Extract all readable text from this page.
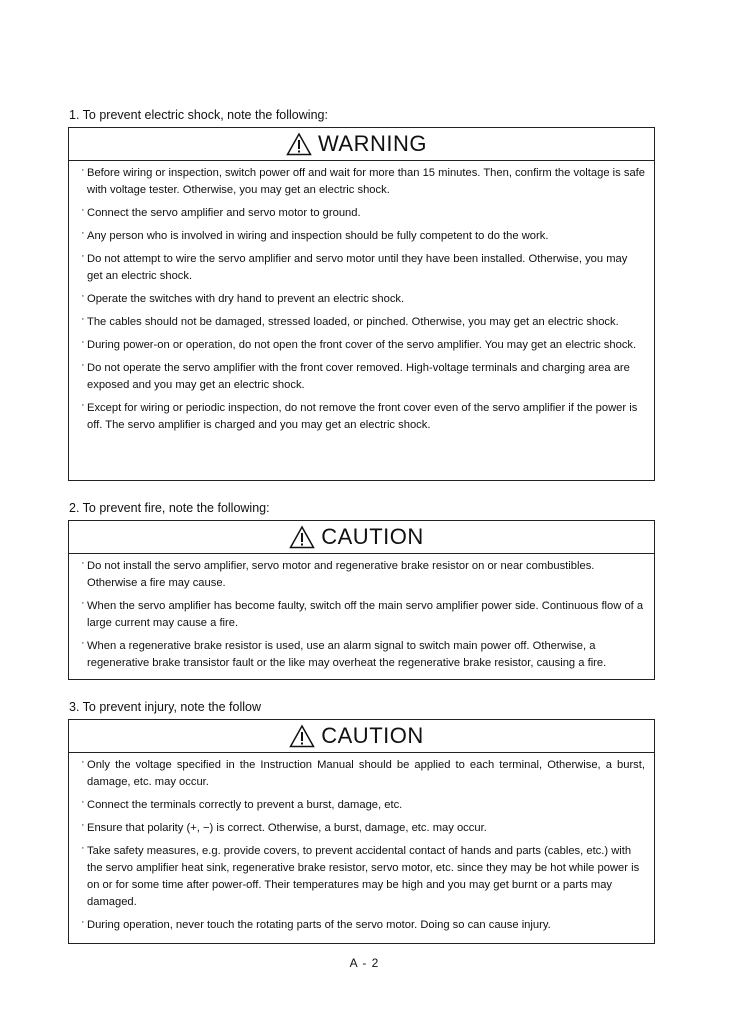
1. To prevent electric shock, note the following:
WARNING
· Before wiring or inspection, switch power off and wait for more than 15 minutes. Then, confirm the voltage is safe with voltage tester. Otherwise, you may get an electric shock.
· Connect the servo amplifier and servo motor to ground.
· Any person who is involved in wiring and inspection should be fully competent to do the work.
· Do not attempt to wire the servo amplifier and servo motor until they have been installed. Otherwise, you may get an electric shock.
· Operate the switches with dry hand to prevent an electric shock.
· The cables should not be damaged, stressed loaded, or pinched. Otherwise, you may get an electric shock.
· During power-on or operation, do not open the front cover of the servo amplifier. You may get an electric shock.
· Do not operate the servo amplifier with the front cover removed. High-voltage terminals and charging area are exposed and you may get an electric shock.
· Except for wiring or periodic inspection, do not remove the front cover even of the servo amplifier if the power is off. The servo amplifier is charged and you may get an electric shock.
2. To prevent fire, note the following:
CAUTION
· Do not install the servo amplifier, servo motor and regenerative brake resistor on or near combustibles. Otherwise a fire may cause.
· When the servo amplifier has become faulty, switch off the main servo amplifier power side. Continuous flow of a large current may cause a fire.
· When a regenerative brake resistor is used, use an alarm signal to switch main power off. Otherwise, a regenerative brake transistor fault or the like may overheat the regenerative brake resistor, causing a fire.
3. To prevent injury, note the follow
CAUTION
· Only the voltage specified in the Instruction Manual should be applied to each terminal, Otherwise, a burst, damage, etc. may occur.
· Connect the terminals correctly to prevent a burst, damage, etc.
· Ensure that polarity (+, −) is correct. Otherwise, a burst, damage, etc. may occur.
· Take safety measures, e.g. provide covers, to prevent accidental contact of hands and parts (cables, etc.) with the servo amplifier heat sink, regenerative brake resistor, servo motor, etc. since they may be hot while power is on or for some time after power-off. Their temperatures may be high and you may get burnt or a parts may damaged.
· During operation, never touch the rotating parts of the servo motor. Doing so can cause injury.
A - 2
